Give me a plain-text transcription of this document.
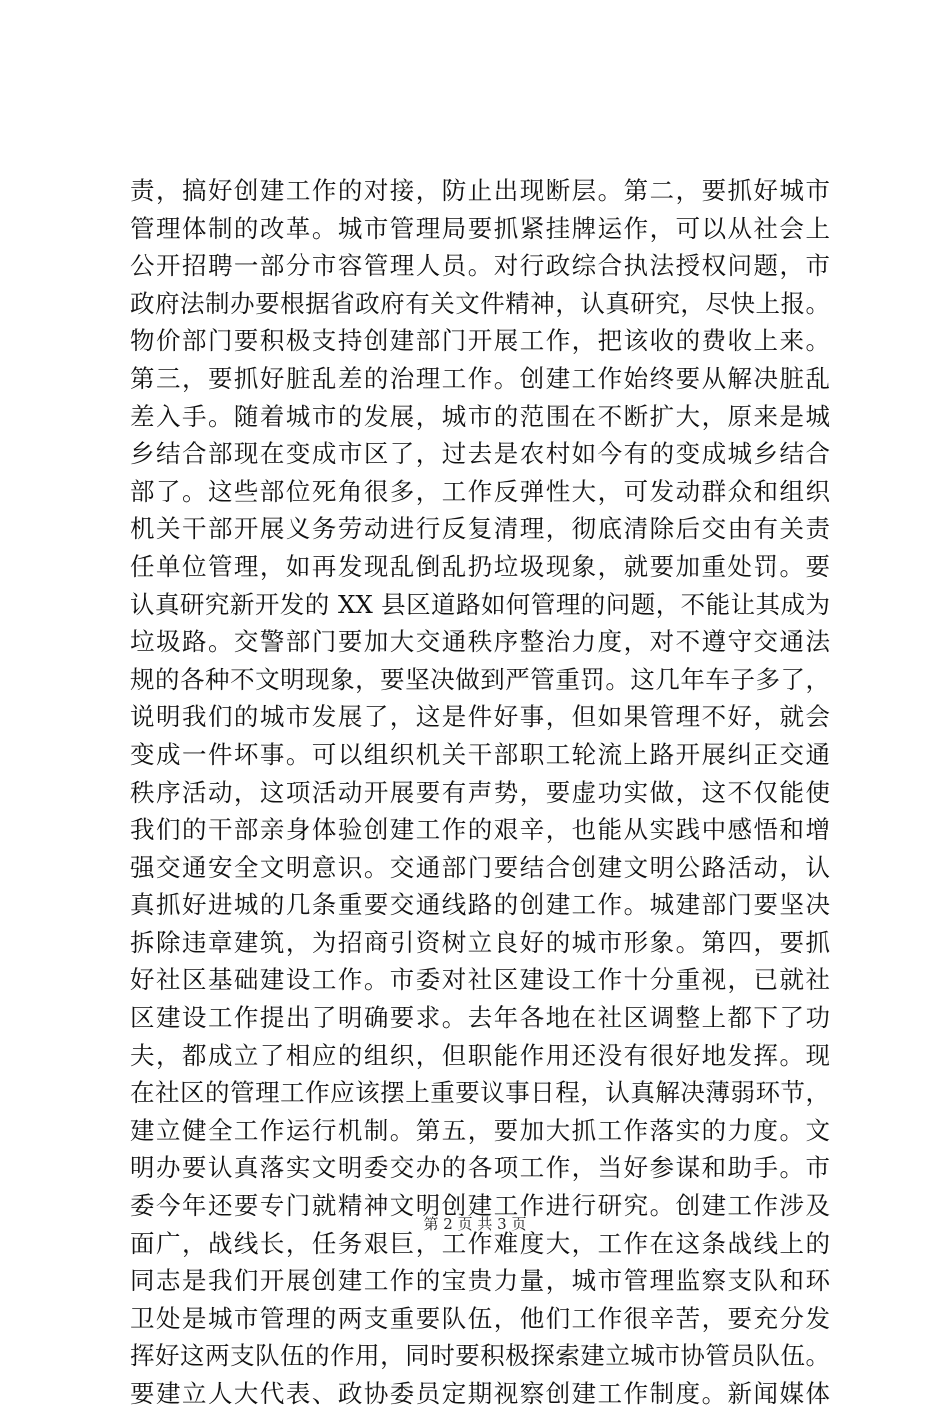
责，搞好创建工作的对接，防止出现断层。第二，要抓好城市
管理体制的改革。城市管理局要抓紧挂牌运作，可以从社会上
公开招聘一部分市容管理人员。对行政综合执法授权问题，市
政府法制办要根据省政府有关文件精神，认真研究，尽快上报。
物价部门要积极支持创建部门开展工作，把该收的费收上来。
第三，要抓好脏乱差的治理工作。创建工作始终要从解决脏乱
差入手。随着城市的发展，城市的范围在不断扩大，原来是城
乡结合部现在变成市区了，过去是农村如今有的变成城乡结合
部了。这些部位死角很多，工作反弹性大，可发动群众和组织
机关干部开展义务劳动进行反复清理，彻底清除后交由有关责
任单位管理，如再发现乱倒乱扔垃圾现象，就要加重处罚。要
认真研究新开发的 XX 县区道路如何管理的问题，不能让其成为
垃圾路。交警部门要加大交通秩序整治力度，对不遵守交通法
规的各种不文明现象，要坚决做到严管重罚。这几年车子多了，
说明我们的城市发展了，这是件好事，但如果管理不好，就会
变成一件坏事。可以组织机关干部职工轮流上路开展纠正交通
秩序活动，这项活动开展要有声势，要虚功实做，这不仅能使
我们的干部亲身体验创建工作的艰辛，也能从实践中感悟和增
强交通安全文明意识。交通部门要结合创建文明公路活动，认
真抓好进城的几条重要交通线路的创建工作。城建部门要坚决
拆除违章建筑，为招商引资树立良好的城市形象。第四，要抓
好社区基础建设工作。市委对社区建设工作十分重视，已就社
区建设工作提出了明确要求。去年各地在社区调整上都下了功
夫，都成立了相应的组织，但职能作用还没有很好地发挥。现
在社区的管理工作应该摆上重要议事日程，认真解决薄弱环节，
建立健全工作运行机制。第五，要加大抓工作落实的力度。文
明办要认真落实文明委交办的各项工作，当好参谋和助手。市
委今年还要专门就精神文明创建工作进行研究。创建工作涉及
面广，战线长，任务艰巨，工作难度大，工作在这条战线上的
同志是我们开展创建工作的宝贵力量，城市管理监察支队和环
卫处是城市管理的两支重要队伍，他们工作很辛苦，要充分发
挥好这两支队伍的作用，同时要积极探索建立城市协管员队伍。
要建立人大代表、政协委员定期视察创建工作制度。新闻媒体
第 2 页 共 3 页
